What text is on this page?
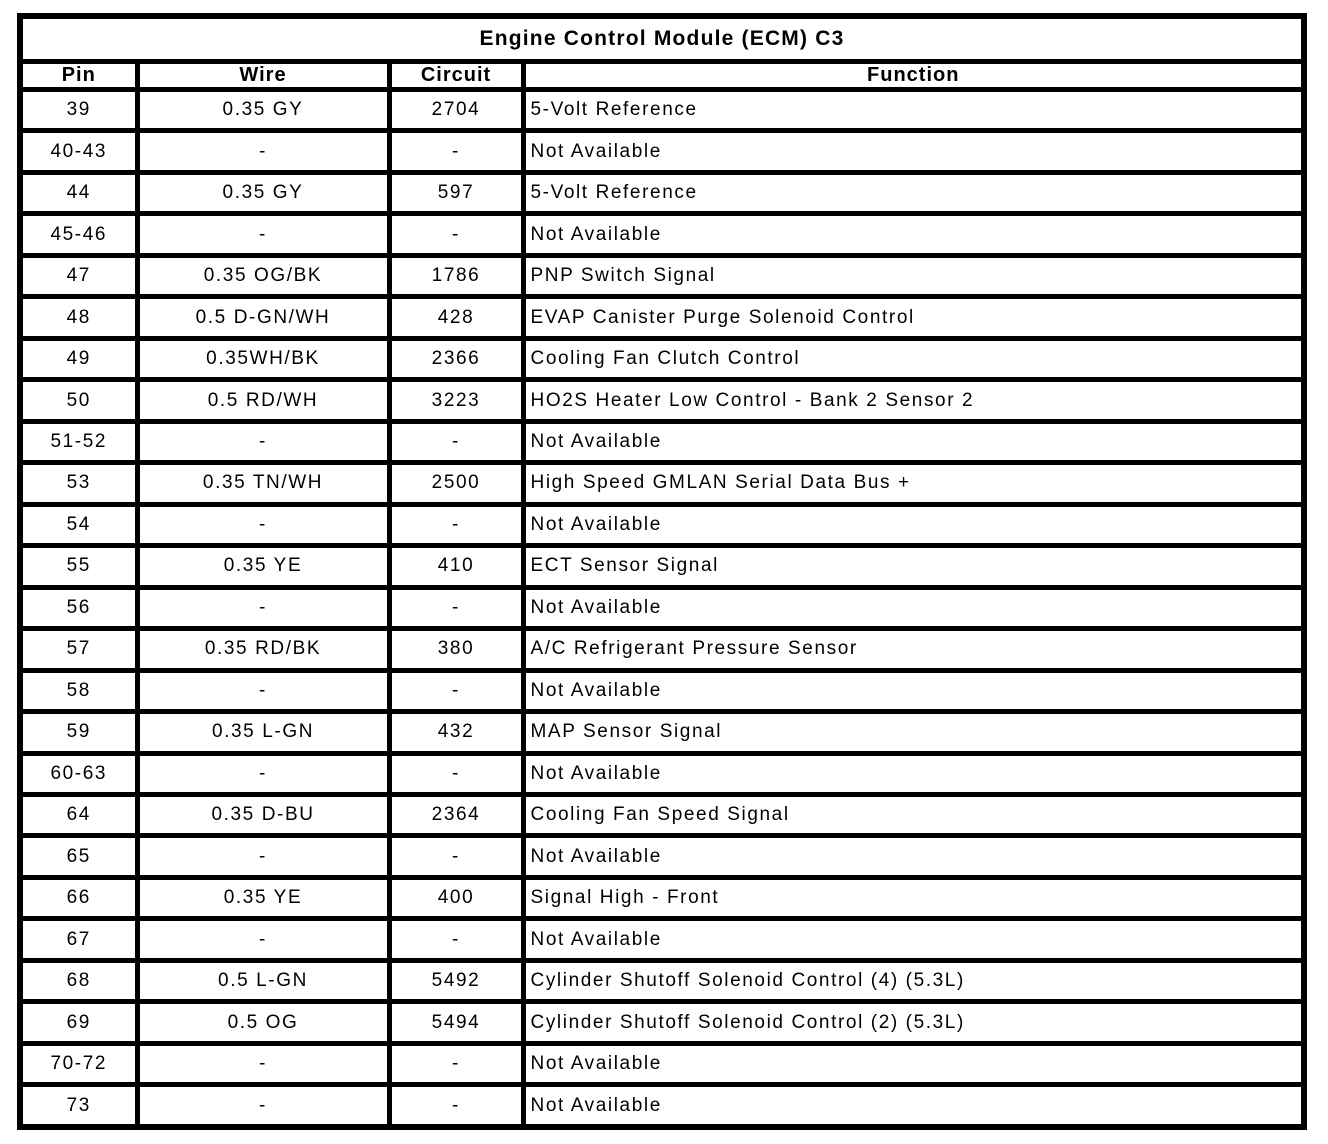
Engine Control Module (ECM) C3			
Pin	Wire	Circuit	Function
39	0.35 GY	2704	5-Volt Reference
40-43	-	-	Not Available
44	0.35 GY	597	5-Volt Reference
45-46	-	-	Not Available
47	0.35 OG/BK	1786	PNP Switch Signal
48	0.5 D-GN/WH	428	EVAP Canister Purge Solenoid Control
49	0.35WH/BK	2366	Cooling Fan Clutch Control
50	0.5 RD/WH	3223	HO2S Heater Low Control - Bank 2 Sensor 2
51-52	-	-	Not Available
53	0.35 TN/WH	2500	High Speed GMLAN Serial Data Bus +
54	-	-	Not Available
55	0.35 YE	410	ECT Sensor Signal
56	-	-	Not Available
57	0.35 RD/BK	380	A/C Refrigerant Pressure Sensor
58	-	-	Not Available
59	0.35 L-GN	432	MAP Sensor Signal
60-63	-	-	Not Available
64	0.35 D-BU	2364	Cooling Fan Speed Signal
65	-	-	Not Available
66	0.35 YE	400	Signal High - Front
67	-	-	Not Available
68	0.5 L-GN	5492	Cylinder Shutoff Solenoid Control (4) (5.3L)
69	0.5 OG	5494	Cylinder Shutoff Solenoid Control (2) (5.3L)
70-72	-	-	Not Available
73	-	-	Not Available
